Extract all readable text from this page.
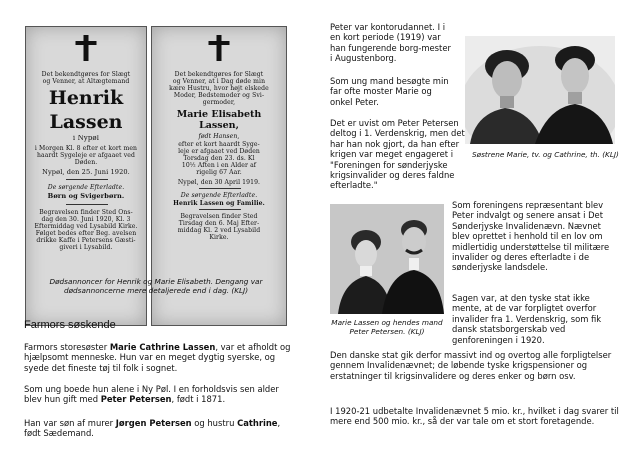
Det bekendtgøres for Slægt
og Venner, at Altægtemand
Henrik
Lassen
i Nypøl
i Morgen Kl. 8 efter et kort men
haardt Sygeleje er afgaaet ved
Døden.
Nypøl, den 25. Juni 1920.
De sørgende Efterladte.
Børn og Svigerbørn.
Begravelsen finder Sted Ons-
dag den 30. Juni 1920, Kl. 3
Eftermiddag ved Lysabild Kirke.
Følget bedes efter Beg. avelsen
drikke Kaffe i Petersens Gæsti-
giveri i Lysabild.
Det bekendtgøres for Slægt
og Venner, at i Dag døde min
kære Hustru, hvor højt elskede
Moder, Bedstemoder og Svi-
germoder,
Marie Elisabeth
Lassen,
født Hansen,
efter et kort haardt Syge-
leje er afgaaet ved Døden
Torsdag den 23. ds. Kl
10½ Aften i en Alder af
rigelig 67 Aar.
Nypøl, den 30 April 1919.
De sørgende Efterladte.
Henrik Lassen og Familie.
Begravelsen finder Sted
Tirsdag den 6. Maj Efter-
middag Kl. 2 ved Lysabild
Kirke.

Dødsannoncer for Henrik og Marie Elisabeth. Dengang var dødsannoncerne mere detaljerede end i dag. (KLJ)

Farmors søskende

Farmors storesøster Marie Cathrine Lassen, var et afholdt og hjælpsomt menneske. Hun var en meget dygtig syerske, og syede det fineste tøj til folk i sognet.

Som ung boede hun alene i Ny Pøl. I en forholdsvis sen alder blev hun gift med Peter Petersen, født i 1871.

Han var søn af murer Jørgen Petersen og hustru Cathrine, født Sædemand.

Peter var kontorudannet. I i en kort periode (1919) var han fungerende borg-mester i Augustenborg.

Som ung mand besøgte min far ofte moster Marie og onkel Peter.

Det er uvist om Peter Petersen deltog i 1. Verdenskrig, men det har han nok gjort, da han efter krigen var meget engageret i "Foreningen for sønderjyske krigsinvalider og deres faldne efterladte."

Søstrene Marie, tv. og Cathrine, th. (KLJ)

Marie Lassen og hendes mand Peter Petersen. (KLJ)

Som foreningens repræsentant blev Peter indvalgt og senere ansat i Det Sønderjyske Invalidenævn. Nævnet blev oprettet i henhold til en lov om midlertidig understøttelse til militære invalider og deres efterladte i de sønderjyske landsdele.

Sagen var, at den tyske stat ikke mente, at de var forpligtet overfor invalider fra 1. Verdenskrig, som fik dansk statsborgerskab ved genforeningen i 1920.

Den danske stat gik derfor massivt ind og overtog alle forpligtelser gennem Invalidenævnet; de løbende tyske krigspensioner og erstatninger til krigsinvalidere og deres enker og børn osv.

I 1920-21 udbetalte Invalidenævnet 5 mio. kr., hvilket i dag svarer til mere end 500 mio. kr., så der var tale om et stort foretagende.
